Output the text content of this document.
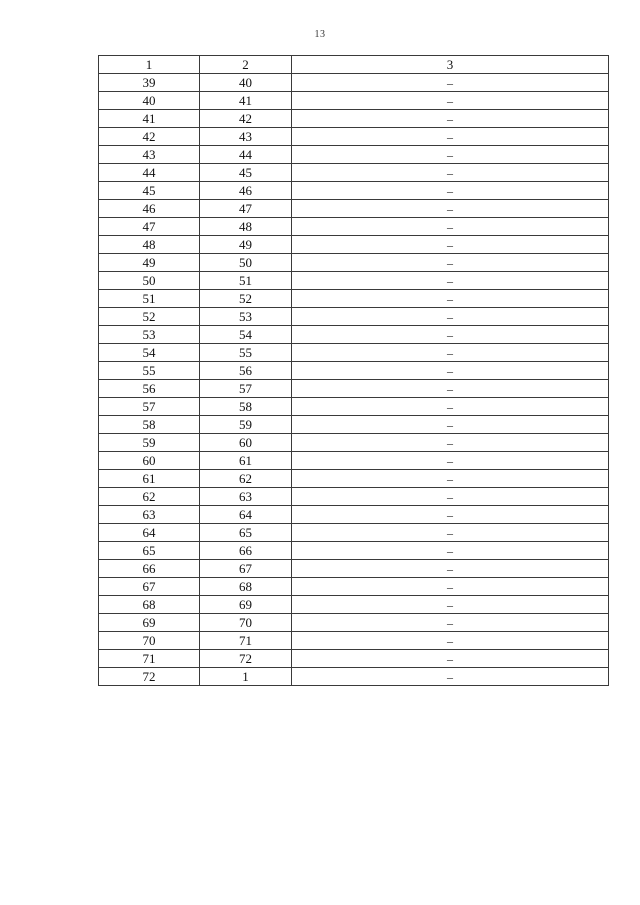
13
1	2	3
39	40	–
40	41	–
41	42	–
42	43	–
43	44	–
44	45	–
45	46	–
46	47	–
47	48	–
48	49	–
49	50	–
50	51	–
51	52	–
52	53	–
53	54	–
54	55	–
55	56	–
56	57	–
57	58	–
58	59	–
59	60	–
60	61	–
61	62	–
62	63	–
63	64	–
64	65	–
65	66	–
66	67	–
67	68	–
68	69	–
69	70	–
70	71	–
71	72	–
72	1	–
